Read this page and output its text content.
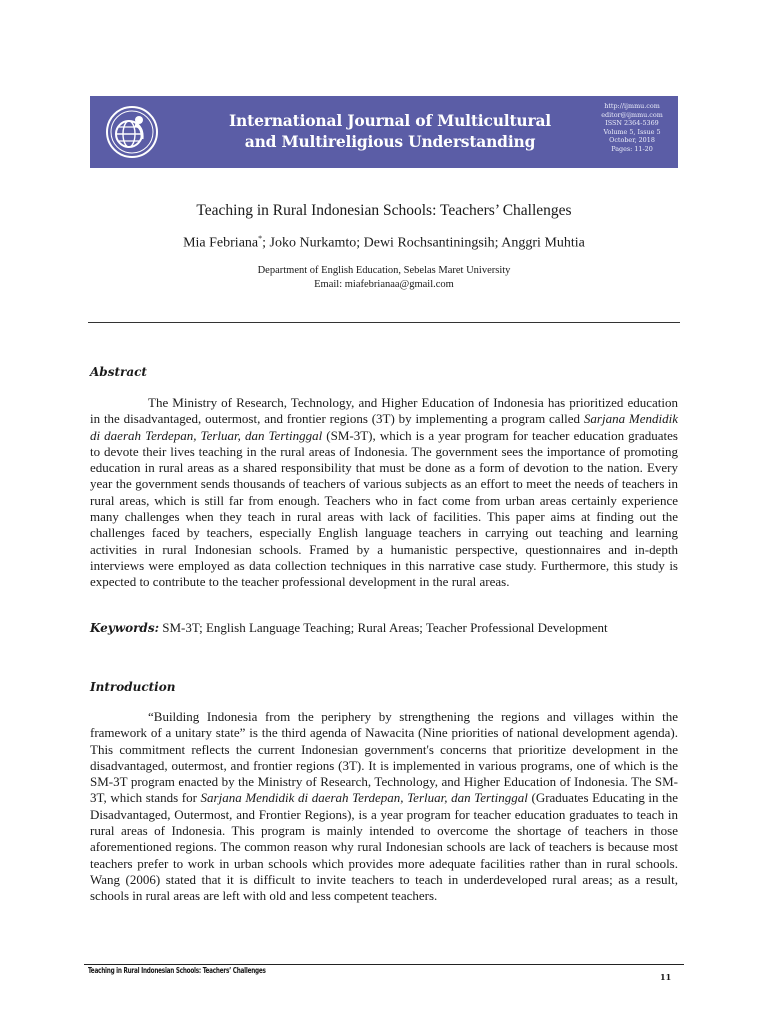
International Journal of Multicultural
and Multireligious Understanding
http://ijmmu.com
editor@ijmmu.com
ISSN 2364-5369
Volume 5, Issue 5
October, 2018
Pages: 11-20
Teaching in Rural Indonesian Schools: Teachers’ Challenges
Mia Febriana*; Joko Nurkamto; Dewi Rochsantiningsih; Anggri Muhtia
Department of English Education, Sebelas Maret University
Email: miafebrianaa@gmail.com
Abstract

The Ministry of Research, Technology, and Higher Education of Indonesia has prioritized education in the disadvantaged, outermost, and frontier regions (3T) by implementing a program called Sarjana Mendidik di daerah Terdepan, Terluar, dan Tertinggal (SM-3T), which is a year program for teacher education graduates to devote their lives teaching in the rural areas of Indonesia. The government sees the importance of promoting education in rural areas as a shared responsibility that must be done as a form of devotion to the nation. Every year the government sends thousands of teachers of various subjects as an effort to meet the needs of teachers in rural areas, which is still far from enough. Teachers who in fact come from urban areas certainly experience many challenges when they teach in rural areas with lack of facilities. This paper aims at finding out the challenges faced by teachers, especially English language teachers in carrying out teaching and learning activities in rural Indonesian schools. Framed by a humanistic perspective, questionnaires and in-depth interviews were employed as data collection techniques in this narrative case study. Furthermore, this study is expected to contribute to the teacher professional development in the rural areas.

Keywords: SM-3T; English Language Teaching; Rural Areas; Teacher Professional Development
Introduction

“Building Indonesia from the periphery by strengthening the regions and villages within the framework of a unitary state” is the third agenda of Nawacita (Nine priorities of national development agenda). This commitment reflects the current Indonesian government's concerns that prioritize development in the disadvantaged, outermost, and frontier regions (3T). It is implemented in various programs, one of which is the SM-3T program enacted by the Ministry of Research, Technology, and Higher Education of Indonesia. The SM-3T, which stands for Sarjana Mendidik di daerah Terdepan, Terluar, dan Tertinggal (Graduates Educating in the Disadvantaged, Outermost, and Frontier Regions), is a year program for teacher education graduates to teach in rural areas of Indonesia. This program is mainly intended to overcome the shortage of teachers in those aforementioned regions. The common reason why rural Indonesian schools are lack of teachers is because most teachers prefer to work in urban schools which provides more adequate facilities rather than in rural schools. Wang (2006) stated that it is difficult to invite teachers to teach in underdeveloped rural areas; as a result, schools in rural areas are left with old and less competent teachers.

Teaching in Rural Indonesian Schools: Teachers’ Challenges
11
